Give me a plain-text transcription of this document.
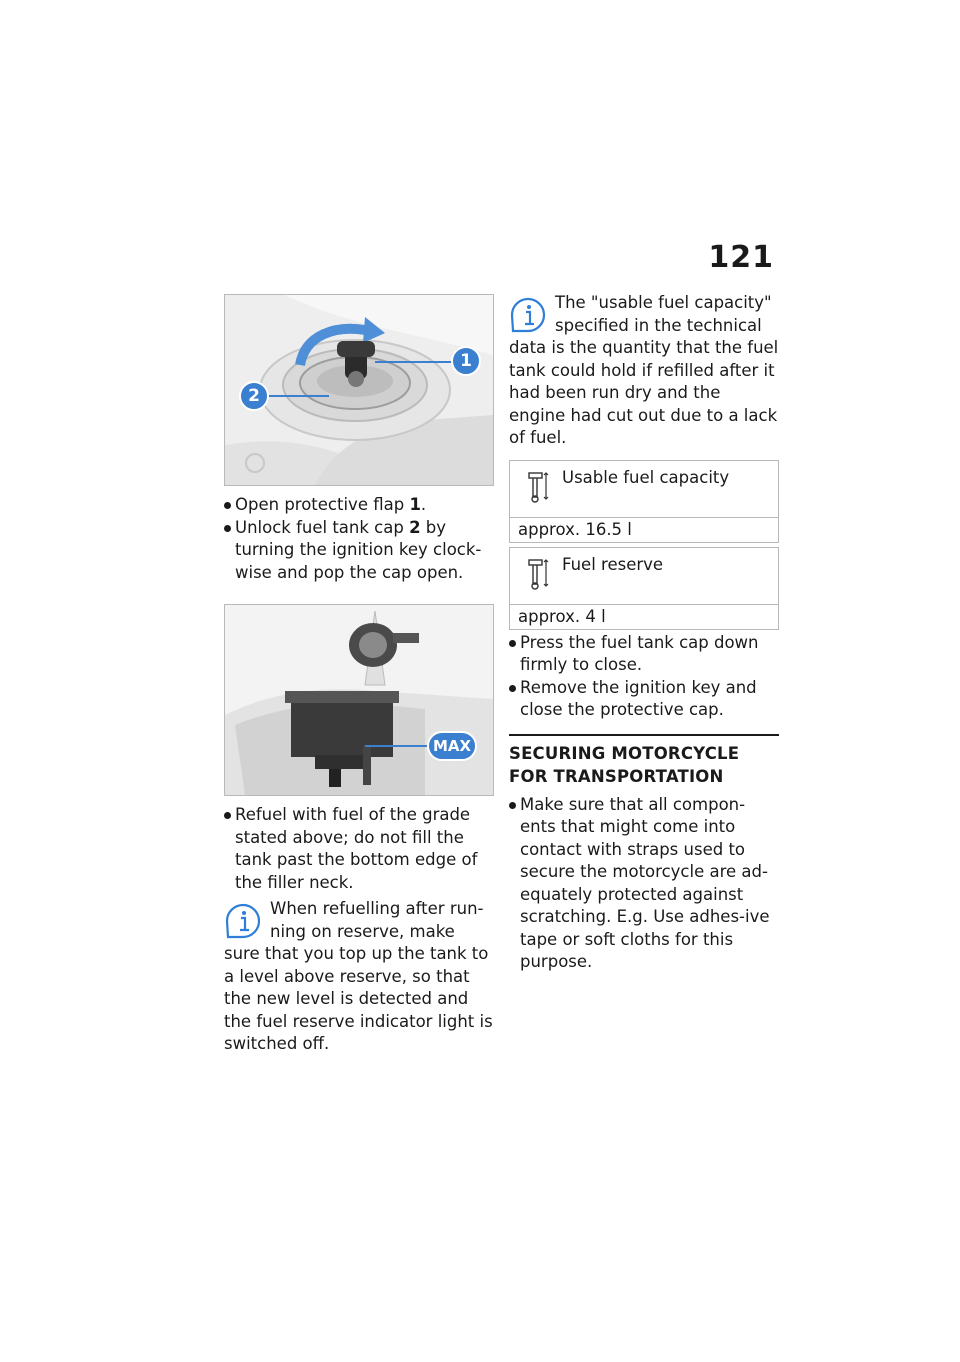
121
1
2
Open protective flap 1.
Unlock fuel tank cap 2 by turning the ignition key clock-wise and pop the cap open.
MAX
Refuel with fuel of the grade stated above; do not fill the tank past the bottom edge of the filler neck.

When refuelling after run-

ning on reserve, make

sure that you top up the tank to a level above reserve, so that the new level is detected and the fuel reserve indicator light is switched off.

The "usable fuel capacity"

specified in the technical

data is the quantity that the fuel tank could hold if refilled after it had been run dry and the engine had cut out due to a lack of fuel.

Usable fuel capacity
approx. 16.5 l
Fuel reserve
approx. 4 l
Press the fuel tank cap down firmly to close.
Remove the ignition key and close the protective cap.
SECURING MOTORCYCLE
FOR TRANSPORTATION
Make sure that all compon-ents that might come into contact with straps used to secure the motorcycle are ad-equately protected against scratching. E.g. Use adhes-ive tape or soft cloths for this purpose.
